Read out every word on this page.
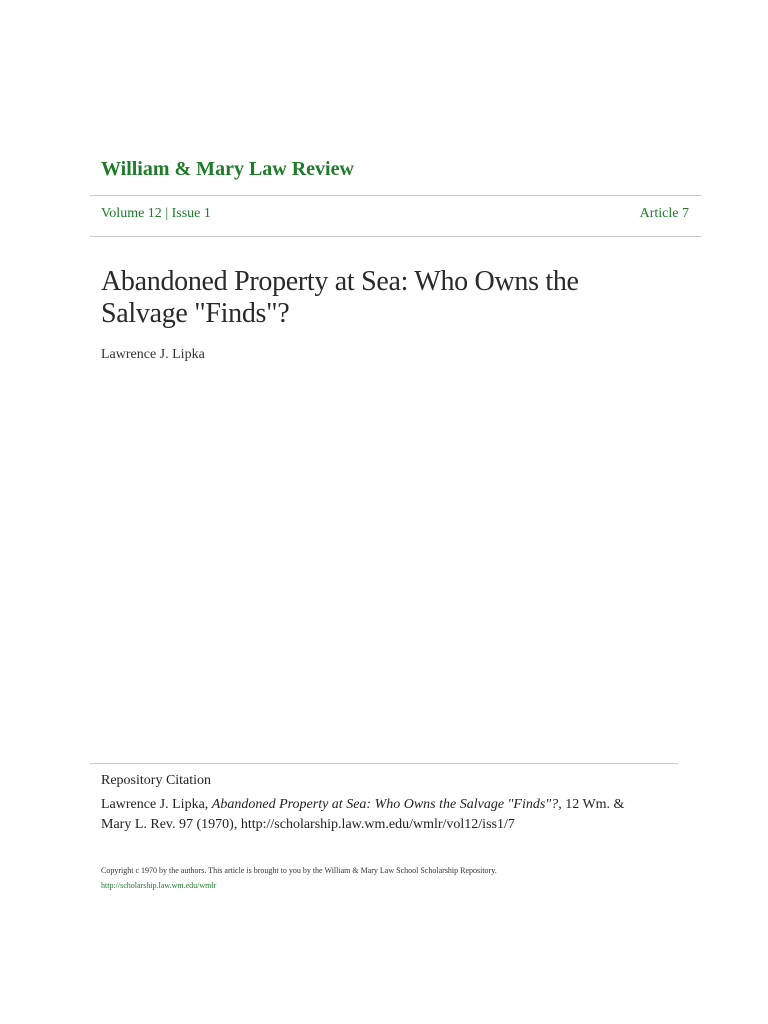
William & Mary Law Review
Volume 12 | Issue 1	Article 7
Abandoned Property at Sea: Who Owns the Salvage "Finds"?
Lawrence J. Lipka
Repository Citation
Lawrence J. Lipka, Abandoned Property at Sea: Who Owns the Salvage "Finds"?, 12 Wm. & Mary L. Rev. 97 (1970), http://scholarship.law.wm.edu/wmlr/vol12/iss1/7
Copyright c 1970 by the authors. This article is brought to you by the William & Mary Law School Scholarship Repository.
http://scholarship.law.wm.edu/wmlr
